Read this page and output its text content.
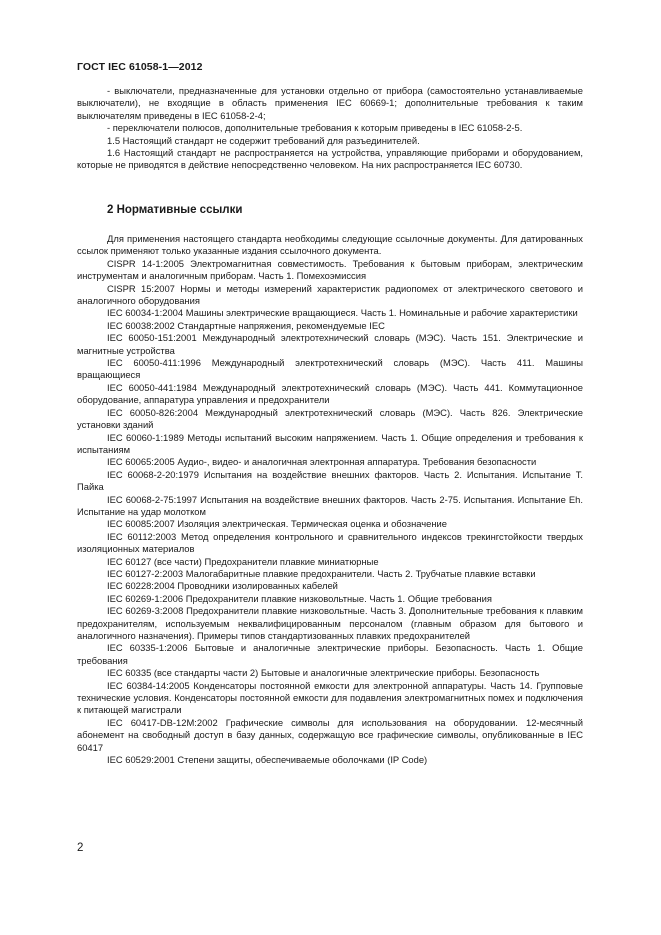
ГОСТ IEC 61058-1—2012

- выключатели, предназначенные для установки отдельно от прибора (самостоятельно устанавливаемые выключатели), не входящие в область применения IEC 60669-1; дополнительные требования к таким выключателям приведены в IEC 61058-2-4;

- переключатели полюсов, дополнительные требования к которым приведены в IEC 61058-2-5.

1.5 Настоящий стандарт не содержит требований для разъединителей.

1.6 Настоящий стандарт не распространяется на устройства, управляющие приборами и оборудованием, которые не приводятся в действие непосредственно человеком. На них распространяется IEC 60730.

2 Нормативные ссылки

Для применения настоящего стандарта необходимы следующие ссылочные документы. Для датированных ссылок применяют только указанные издания ссылочного документа.

CISPR 14-1:2005 Электромагнитная совместимость. Требования к бытовым приборам, электрическим инструментам и аналогичным приборам. Часть 1. Помехоэмиссия

CISPR 15:2007 Нормы и методы измерений характеристик радиопомех от электрического светового и аналогичного оборудования

IEC 60034-1:2004 Машины электрические вращающиеся. Часть 1. Номинальные и рабочие характеристики

IEC 60038:2002 Стандартные напряжения, рекомендуемые IEC

IEC 60050-151:2001 Международный электротехнический словарь (МЭС). Часть 151. Электрические и магнитные устройства

IEC 60050-411:1996 Международный электротехнический словарь (МЭС). Часть 411. Машины вращающиеся

IEC 60050-441:1984 Международный электротехнический словарь (МЭС). Часть 441. Коммутационное оборудование, аппаратура управления и предохранители

IEC 60050-826:2004 Международный электротехнический словарь (МЭС). Часть 826. Электрические установки зданий

IEC 60060-1:1989 Методы испытаний высоким напряжением. Часть 1. Общие определения и требования к испытаниям

IEC 60065:2005 Аудио-, видео- и аналогичная электронная аппаратура. Требования безопасности

IEC 60068-2-20:1979 Испытания на воздействие внешних факторов. Часть 2. Испытания. Испытание Т. Пайка

IEC 60068-2-75:1997 Испытания на воздействие внешних факторов. Часть 2-75. Испытания. Испытание Eh. Испытание на удар молотком

IEC 60085:2007 Изоляция электрическая. Термическая оценка и обозначение

IEC 60112:2003 Метод определения контрольного и сравнительного индексов трекингстойкости твердых изоляционных материалов

IEC 60127 (все части) Предохранители плавкие миниатюрные

IEC 60127-2:2003 Малогабаритные плавкие предохранители. Часть 2. Трубчатые плавкие вставки

IEC 60228:2004 Проводники изолированных кабелей

IEC 60269-1:2006 Предохранители плавкие низковольтные. Часть 1. Общие требования

IEC 60269-3:2008 Предохранители плавкие низковольтные. Часть 3. Дополнительные требования к плавким предохранителям, используемым неквалифицированным персоналом (главным образом для бытового и аналогичного назначения). Примеры типов стандартизованных плавких предохранителей

IEC 60335-1:2006 Бытовые и аналогичные электрические приборы. Безопасность. Часть 1. Общие требования

IEC 60335 (все стандарты части 2) Бытовые и аналогичные электрические приборы. Безопасность

IEC 60384-14:2005 Конденсаторы постоянной емкости для электронной аппаратуры. Часть 14. Групповые технические условия. Конденсаторы постоянной емкости для подавления электромагнитных помех и подключения к питающей магистрали

IEC 60417-DB-12M:2002 Графические символы для использования на оборудовании. 12-месячный абонемент на свободный доступ в базу данных, содержащую все графические символы, опубликованные в IEC 60417

IEC 60529:2001 Степени защиты, обеспечиваемые оболочками (IP Code)

2
